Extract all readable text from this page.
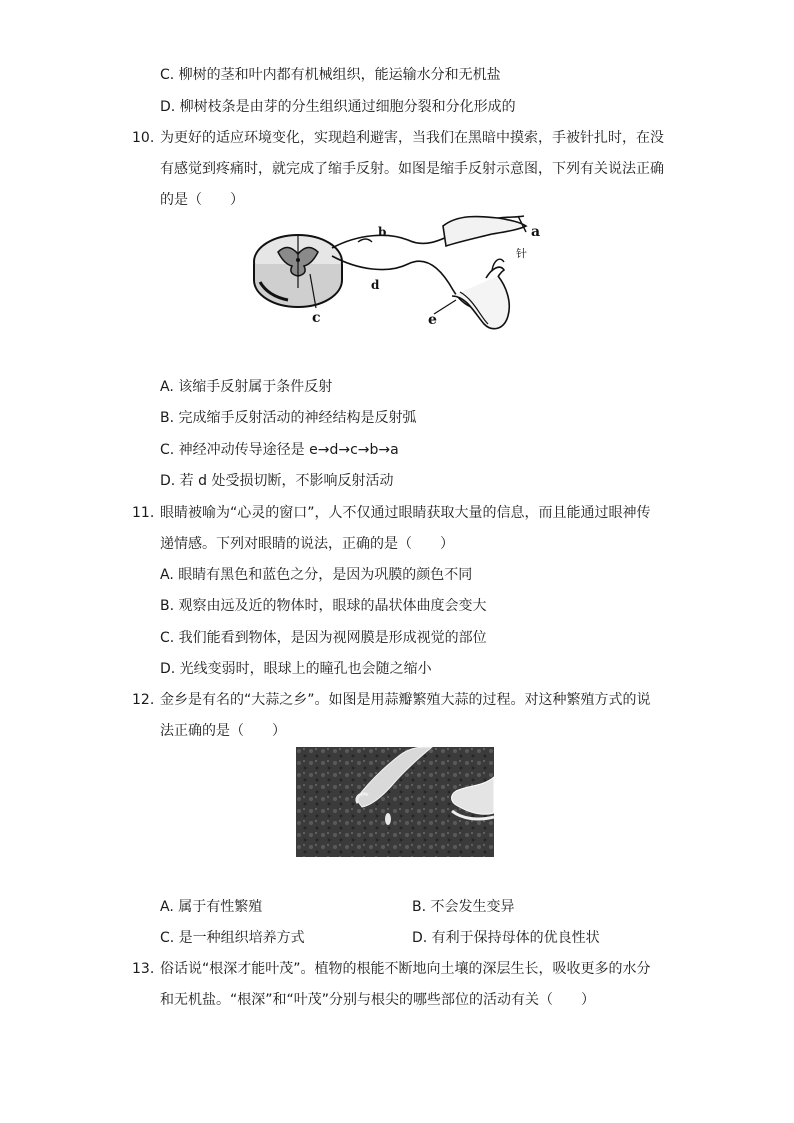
C. 柳树的茎和叶内都有机械组织，能运输水分和无机盐
D. 柳树枝条是由芽的分生组织通过细胞分裂和分化形成的
10. 为更好的适应环境变化，实现趋利避害，当我们在黑暗中摸索，手被针扎时，在没
有感觉到疼痛时，就完成了缩手反射。如图是缩手反射示意图，下列有关说法正确
的是（　　）
a
b
c
d
e
针
A. 该缩手反射属于条件反射
B. 完成缩手反射活动的神经结构是反射弧
C. 神经冲动传导途径是 e→d→c→b→a
D. 若 d 处受损切断，不影响反射活动
11. 眼睛被喻为“心灵的窗口”，人不仅通过眼睛获取大量的信息，而且能通过眼神传
递情感。下列对眼睛的说法，正确的是（　　）
A. 眼睛有黑色和蓝色之分，是因为巩膜的颜色不同
B. 观察由远及近的物体时，眼球的晶状体曲度会变大
C. 我们能看到物体，是因为视网膜是形成视觉的部位
D. 光线变弱时，眼球上的瞳孔也会随之缩小
12. 金乡是有名的“大蒜之乡”。如图是用蒜瓣繁殖大蒜的过程。对这种繁殖方式的说
法正确的是（　　）
A. 属于有性繁殖	B. 不会发生变异
C. 是一种组织培养方式	D. 有利于保持母体的优良性状
13. 俗话说“根深才能叶茂”。植物的根能不断地向土壤的深层生长，吸收更多的水分
和无机盐。“根深”和“叶茂”分别与根尖的哪些部位的活动有关（　　）
